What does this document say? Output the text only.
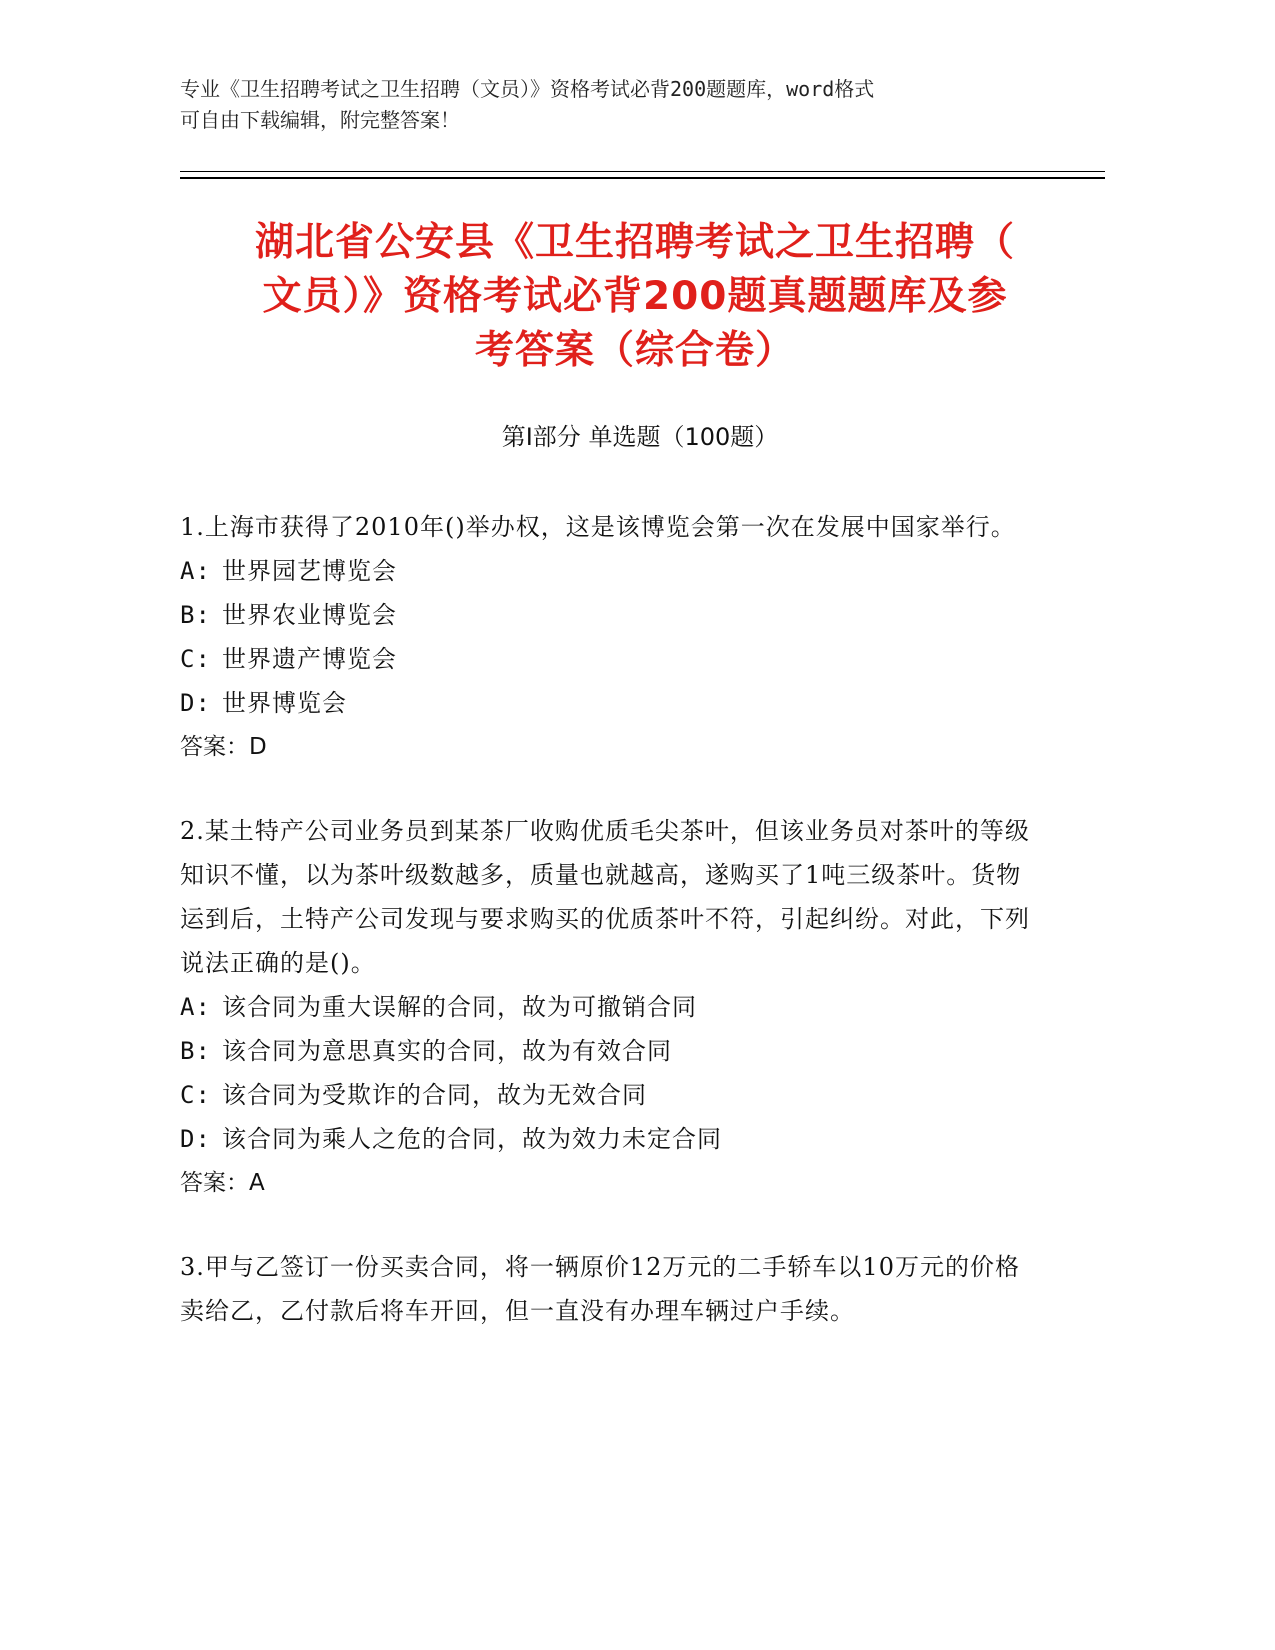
专业《卫生招聘考试之卫生招聘（文员）》资格考试必背200题题库，word格式
可自由下载编辑，附完整答案！
湖北省公安县《卫生招聘考试之卫生招聘（
文员）》资格考试必背200题真题题库及参
考答案（综合卷）
第Ⅰ部分 单选题（100题）
1.上海市获得了2010年()举办权，这是该博览会第一次在发展中国家举行。
A: 世界园艺博览会
B: 世界农业博览会
C: 世界遗产博览会
D: 世界博览会
答案：D
2.某土特产公司业务员到某茶厂收购优质毛尖茶叶，但该业务员对茶叶的等级知识不懂，以为茶叶级数越多，质量也就越高，遂购买了1吨三级茶叶。货物运到后，土特产公司发现与要求购买的优质茶叶不符，引起纠纷。对此，下列说法正确的是()。
A: 该合同为重大误解的合同，故为可撤销合同
B: 该合同为意思真实的合同，故为有效合同
C: 该合同为受欺诈的合同，故为无效合同
D: 该合同为乘人之危的合同，故为效力未定合同
答案：A
3.甲与乙签订一份买卖合同，将一辆原价12万元的二手轿车以10万元的价格卖给乙，乙付款后将车开回，但一直没有办理车辆过户手续。
